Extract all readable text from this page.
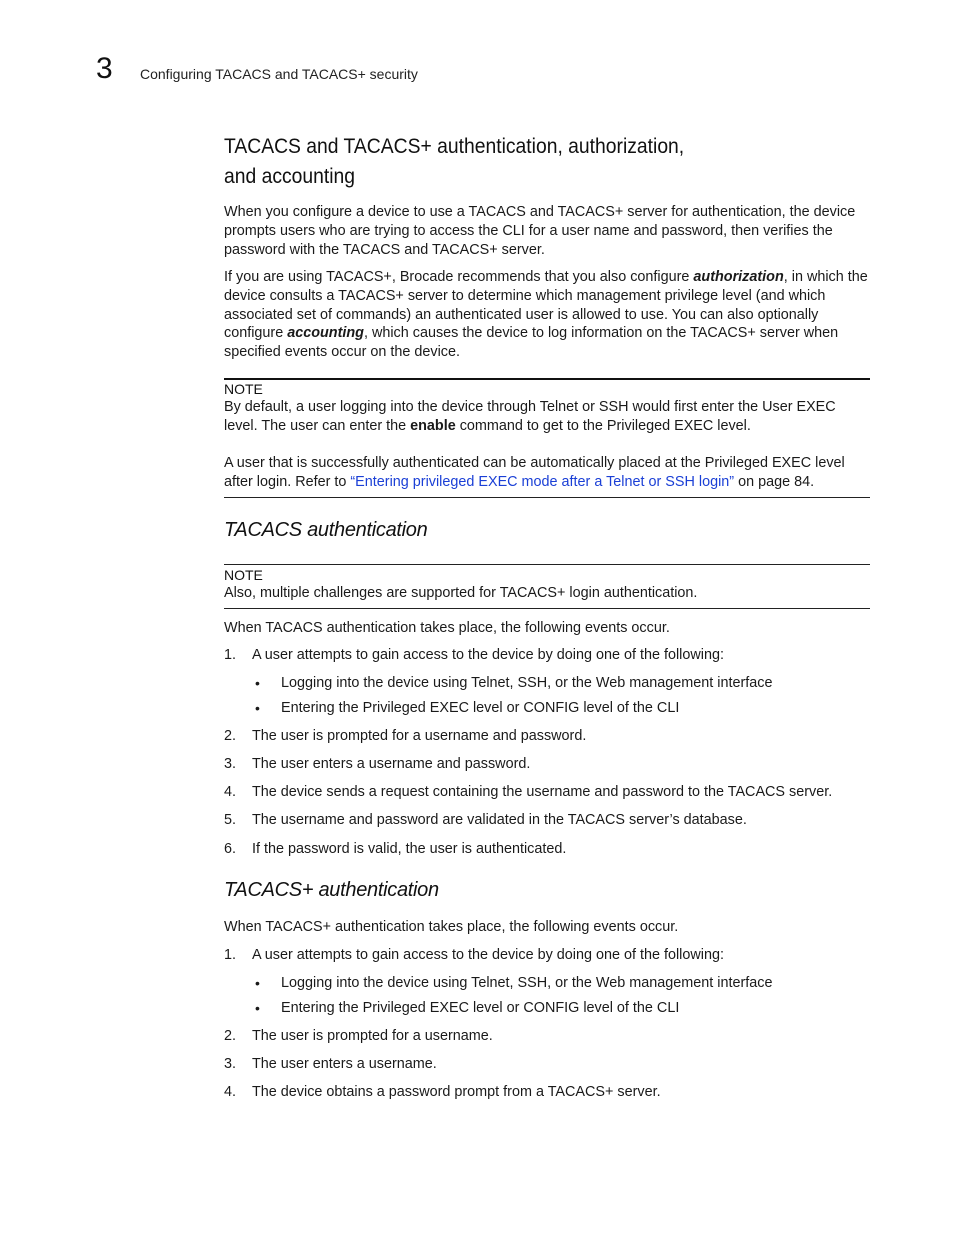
3 Configuring TACACS and TACACS+ security
TACACS and TACACS+ authentication, authorization,
and accounting

When you configure a device to use a TACACS and TACACS+ server for authentication, the device prompts users who are trying to access the CLI for a user name and password, then verifies the password with the TACACS and TACACS+ server.

If you are using TACACS+, Brocade recommends that you also configure authorization, in which the device consults a TACACS+ server to determine which management privilege level (and which associated set of commands) an authenticated user is allowed to use. You can also optionally configure accounting, which causes the device to log information on the TACACS+ server when specified events occur on the device.

NOTE

By default, a user logging into the device through Telnet or SSH would first enter the User EXEC level. The user can enter the enable command to get to the Privileged EXEC level.

A user that is successfully authenticated can be automatically placed at the Privileged EXEC level after login. Refer to “Entering privileged EXEC mode after a Telnet or SSH login” on page 84.

TACACS authentication
NOTE
Also, multiple challenges are supported for TACACS+ login authentication.
When TACACS authentication takes place, the following events occur.
1. A user attempts to gain access to the device by doing one of the following:
• Logging into the device using Telnet, SSH, or the Web management interface
• Entering the Privileged EXEC level or CONFIG level of the CLI
2. The user is prompted for a username and password.
3. The user enters a username and password.
4. The device sends a request containing the username and password to the TACACS server.
5. The username and password are validated in the TACACS server’s database.
6. If the password is valid, the user is authenticated.
TACACS+ authentication
When TACACS+ authentication takes place, the following events occur.
1. A user attempts to gain access to the device by doing one of the following:
• Logging into the device using Telnet, SSH, or the Web management interface
• Entering the Privileged EXEC level or CONFIG level of the CLI
2. The user is prompted for a username.
3. The user enters a username.
4. The device obtains a password prompt from a TACACS+ server.
